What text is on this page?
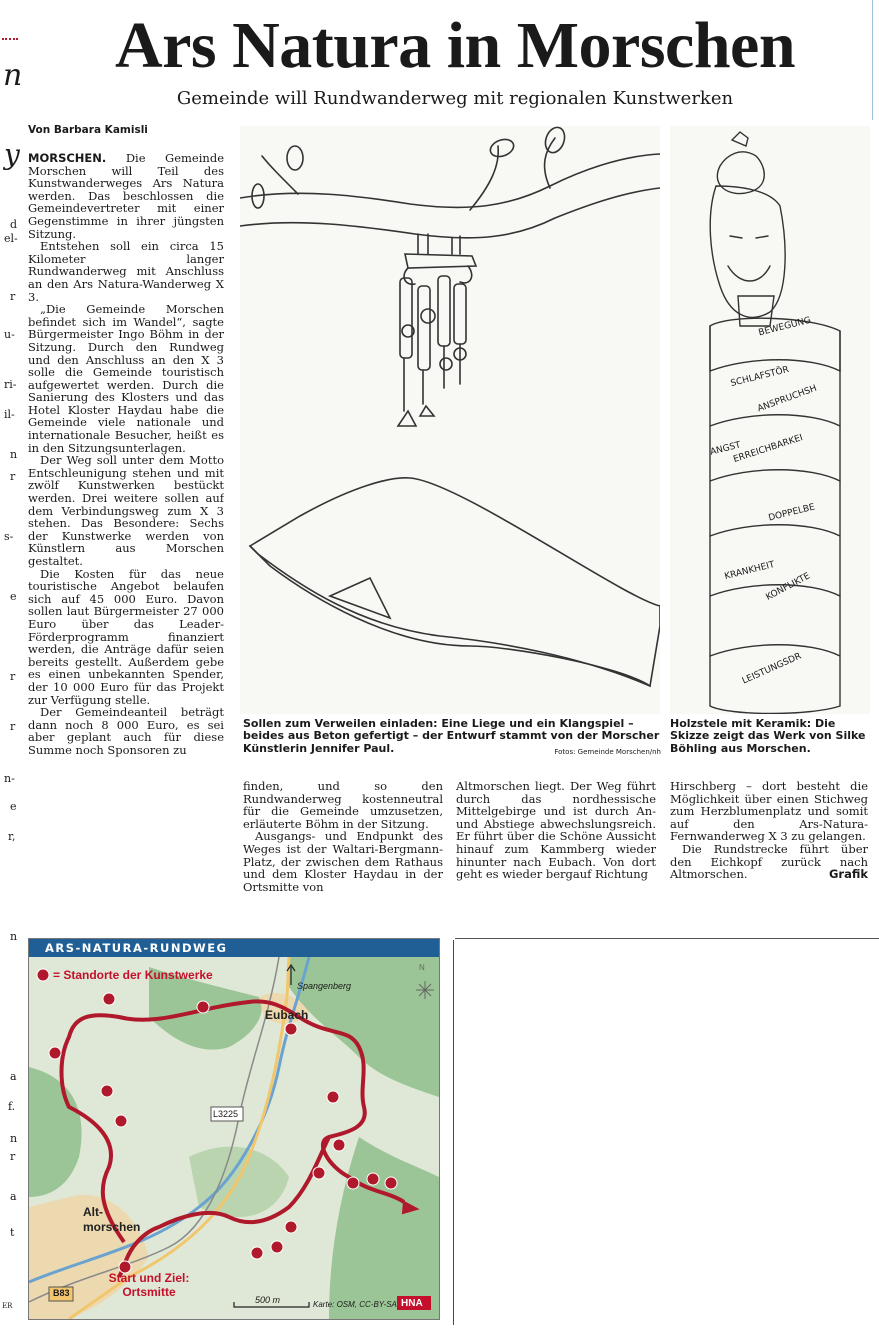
n
y
d
el-
r
u-
ri-
il-
n
r
s-
e
r
r
n-
e
r,
n
a
f.
n
r
a
t
ER
Ars Natura in Morschen
Gemeinde will Rundwanderweg mit regionalen Kunstwerken
Von Barbara Kamisli

MORSCHEN. Die Gemeinde Morschen will Teil des Kunstwanderweges Ars Natura werden. Das beschlossen die Gemeindevertreter mit einer Gegenstimme in ihrer jüngsten Sitzung.

Entstehen soll ein circa 15 Kilometer langer Rundwanderweg mit Anschluss an den Ars Natura-Wanderweg X 3.

„Die Gemeinde Morschen befindet sich im Wandel“, sagte Bürgermeister Ingo Böhm in der Sitzung. Durch den Rundweg und den Anschluss an den X 3 solle die Gemeinde touristisch aufgewertet werden. Durch die Sanierung des Klosters und das Hotel Kloster Haydau habe die Gemeinde viele nationale und internationale Besucher, heißt es in den Sitzungsunterlagen.

Der Weg soll unter dem Motto Entschleunigung stehen und mit zwölf Kunstwerken bestückt werden. Drei weitere sollen auf dem Verbindungsweg zum X 3 stehen. Das Besondere: Sechs der Kunstwerke werden von Künstlern aus Morschen gestaltet.

Die Kosten für das neue touristische Angebot belaufen sich auf 45 000 Euro. Davon sollen laut Bürgermeister 27 000 Euro über das Leader-Förderprogramm finanziert werden, die Anträge dafür seien bereits gestellt. Außerdem gebe es einen unbekannten Spender, der 10 000 Euro für das Projekt zur Verfügung stelle.

Der Gemeindeanteil beträgt dann noch 8 000 Euro, es sei aber geplant auch für diese Summe noch Sponsoren zu

BEWEGUNG
SCHLAFSTÖR
ANSPRUCHSH
ANGST
ERREICHBARKEI
DOPPELBE
KRANKHEIT
KONFLIKTE
LEISTUNGSDR
Sollen zum Verweilen einladen: Eine Liege und ein Klangspiel – beides aus Beton gefertigt – der Entwurf stammt von der Morscher Künstlerin Jennifer Paul.	Fotos: Gemeinde Morschen/nh
Holzstele mit Keramik: Die Skizze zeigt das Werk von Silke Böhling aus Morschen.

finden, und so den Rundwanderweg kostenneutral für die Gemeinde umzusetzen, erläuterte Böhm in der Sitzung.

Ausgangs- und Endpunkt des Weges ist der Waltari-Bergmann-Platz, der zwischen dem Rathaus und dem Kloster Haydau in der Ortsmitte von

Altmorschen liegt. Der Weg führt durch das nordhessische Mittelgebirge und ist durch An- und Abstiege abwechslungsreich. Er führt über die Schöne Aussicht hinauf zum Kammberg wieder hinunter nach Eubach. Von dort geht es wieder bergauf Richtung

Hirschberg – dort besteht die Möglichkeit über einen Stichweg zum Herzblumenplatz und somit auf den Ars-Natura-Fernwanderweg X 3 zu gelangen.

Die Rundstrecke führt über den Eichkopf zurück nach Altmorschen.	Grafik

ARS-NATURA-RUNDWEG
= Standorte der Kunstwerke
Spangenberg
N
Eubach
L3225
Alt-
morschen
B83
Start und Ziel:
Ortsmitte
500 m	Karte: OSM, CC-BY-SA HNA
